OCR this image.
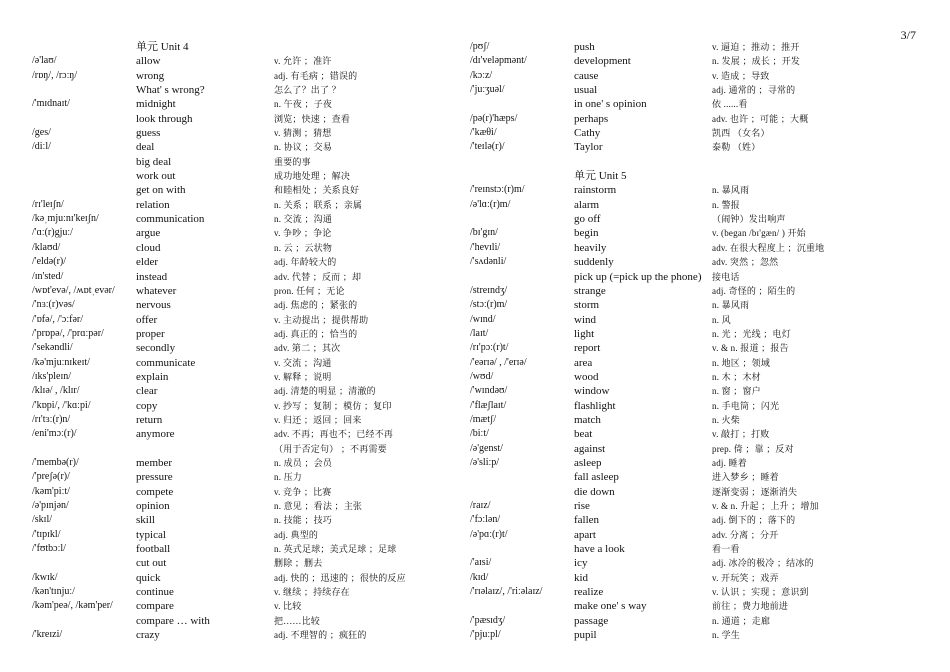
3/7
单元 Unit 4
/ə'laʊ/	allow	v. 允许 ；准许
/rɒŋ/, /rɔːŋ/	wrong	adj. 有毛病 ；错误的
What' s wrong?	怎么了？出了 ？
/'mɪdnaɪt/	midnight	n. 午夜 ；子夜
look through	浏览；快速 ；查看
/ges/	guess	v. 猜测 ；猜想
/diːl/	deal	n. 协议 ；交易
big deal	重要的事
work out	成功地处理 ；解决
get on with	和睦相处 ；关系良好
/rɪ'leɪʃn/	relation	n. 关系 ；联系 ；亲属
/kəˌmjuːnɪ'keɪʃn/	communication	n. 交流 ；沟通
/'ɑː(r)gjuː/	argue	v. 争吵 ；争论
/klaʊd/	cloud	n. 云 ；云状物
/'eldə(r)/	elder	adj. 年龄较大的
/ɪn'sted/	instead	adv. 代替 ；反而 ；却
/wɒt'evə/, /ʍɒtˌevər/	whatever	pron. 任何 ；无论
/'nɜː(r)vəs/	nervous	adj. 焦虑的 ；紧张的
/'ɒfə/, /'ɔːfər/	offer	v. 主动提出 ；提供帮助
/'prɒpə/, /'prɑːpər/	proper	adj. 真正的 ；恰当的
/'sekəndli/	secondly	adv. 第二 ；其次
/kə'mjuːnɪkeɪt/	communicate	v. 交流 ；沟通
/ɪks'pleɪn/	explain	v. 解释 ；说明
/klɪə/ , /klɪr/	clear	adj. 清楚的明显 ；清澈的
/'kɒpi/, /'kɑːpi/	copy	v. 抄写 ；复制 ；模仿 ；复印
/rɪ'tɜː(r)n/	return	v. 归还 ；返回 ；回来
/eni'mɔː(r)/	anymore	adv. 不再；再也不；已经不再
（用于否定句） ；不再需要
/'membə(r)/	member	n. 成员 ；会员
/'preʃə(r)/	pressure	n. 压力
/kəm'piːt/	compete	v. 竞争 ；比赛
/ə'pɪnjən/	opinion	n. 意见 ；看法 ；主张
/skɪl/	skill	n. 技能 ；技巧
/'tɪpɪkl/	typical	adj. 典型的
/'fʊtbɔːl/	football	n. 英式足球；美式足球 ；足球
cut out	删除 ；删去
/kwɪk/	quick	adj. 快的 ；迅速的 ；很快的反应
/kən'tɪnjuː/	continue	v. 继续 ；持续存在
/kəm'peə/, /kəm'per/	compare	v. 比较
compare … with	把……比较
/'kreɪzi/	crazy	adj. 不理智的 ；疯狂的
/pʊʃ/	push	v. 逼迫 ；推动 ；推开
/dɪ'veləpmənt/	development	n. 发展 ；成长 ；开发
/kɔːz/	cause	v. 造成 ；导致
/'juːʒuəl/	usual	adj. 通常的 ；寻常的
in one' s opinion	依 ......看
/pə(r)'hæps/	perhaps	adv. 也许 ；可能 ；大概
/'kæθi/	Cathy	凯西 （女名）
/'teɪlə(r)/	Taylor	泰勒 （姓）
单元 Unit 5
/'reɪnstɔː(r)m/	rainstorm	n. 暴风雨
/ə'lɑː(r)m/	alarm	n. 警报
go off	（闹钟）发出响声
/bɪ'gɪn/	begin	v. (began /bɪ'gæn/ ) 开始
/'hevɪli/	heavily	adv. 在很大程度上 ；沉重地
/'sʌdənli/	suddenly	adv. 突然 ；忽然
pick up (=pick up the phone)	接电话
/streɪndʒ/	strange	adj. 奇怪的 ；陌生的
/stɔː(r)m/	storm	n. 暴风雨
/wɪnd/	wind	n. 风
/laɪt/	light	n. 光 ；光线 ；电灯
/rɪ'pɔː(r)t/	report	v. & n. 报道 ；报告
/'eərɪə/ , /'erɪə/	area	n. 地区 ；领域
/wʊd/	wood	n. 木 ；木材
/'wɪndəʊ/	window	n. 窗 ；窗户
/'flæʃlaɪt/	flashlight	n. 手电筒 ；闪光
/mætʃ/	match	n. 火柴
/biːt/	beat	v. 敲打 ；打败
/ə'genst/	against	prep. 倚 ；靠 ；反对
/ə'sliːp/	asleep	adj. 睡着
fall asleep	进入梦乡 ；睡着
die down	逐渐变弱 ；逐渐消失
/raɪz/	rise	v. & n. 升起 ；上升 ；增加
/'fɔːlən/	fallen	adj. 倒下的 ；落下的
/ə'pɑː(r)t/	apart	adv. 分离 ；分开
have a look	看一看
/'aɪsi/	icy	adj. 冰冷的极冷 ；结冰的
/kɪd/	kid	v. 开玩笑 ；戏弄
/'rɪəlaɪz/, /'riːəlaɪz/	realize	v. 认识 ；实现 ；意识到
make one' s way	前往 ；费力地前进
/'pæsɪdʒ/	passage	n. 通道 ；走廊
/'pjuːpl/	pupil	n. 学生
